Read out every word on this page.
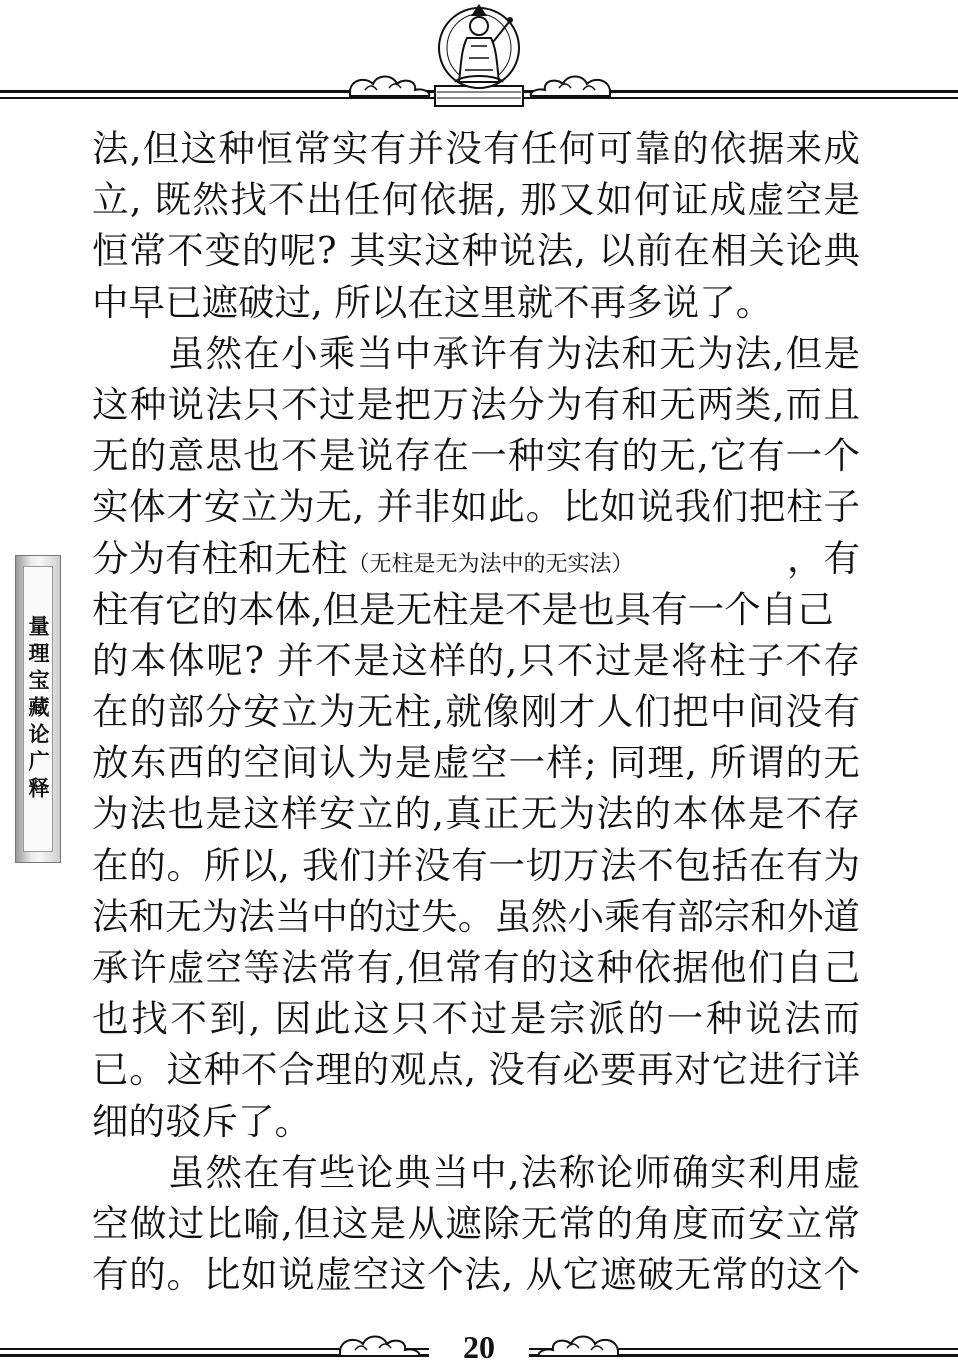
量理宝藏论广释
法,但这种恒常实有并没有任何可靠的依据来成
立, 既然找不出任何依据, 那又如何证成虚空是
恒常不变的呢? 其实这种说法, 以前在相关论典
中早已遮破过, 所以在这里就不再多说了。
　　虽然在小乘当中承许有为法和无为法,但是
这种说法只不过是把万法分为有和无两类,而且
无的意思也不是说存在一种实有的无,它有一个
实体才安立为无, 并非如此。比如说我们把柱子
分为有柱和无柱（无柱是无为法中的无实法）	，有
柱有它的本体,但是无柱是不是也具有一个自己
的本体呢? 并不是这样的,只不过是将柱子不存
在的部分安立为无柱,就像刚才人们把中间没有
放东西的空间认为是虚空一样; 同理, 所谓的无
为法也是这样安立的,真正无为法的本体是不存
在的。所以, 我们并没有一切万法不包括在有为
法和无为法当中的过失。虽然小乘有部宗和外道
承许虚空等法常有,但常有的这种依据他们自己
也找不到, 因此这只不过是宗派的一种说法而
已。这种不合理的观点, 没有必要再对它进行详
细的驳斥了。
　　虽然在有些论典当中,法称论师确实利用虚
空做过比喻,但这是从遮除无常的角度而安立常
有的。比如说虚空这个法, 从它遮破无常的这个
20
